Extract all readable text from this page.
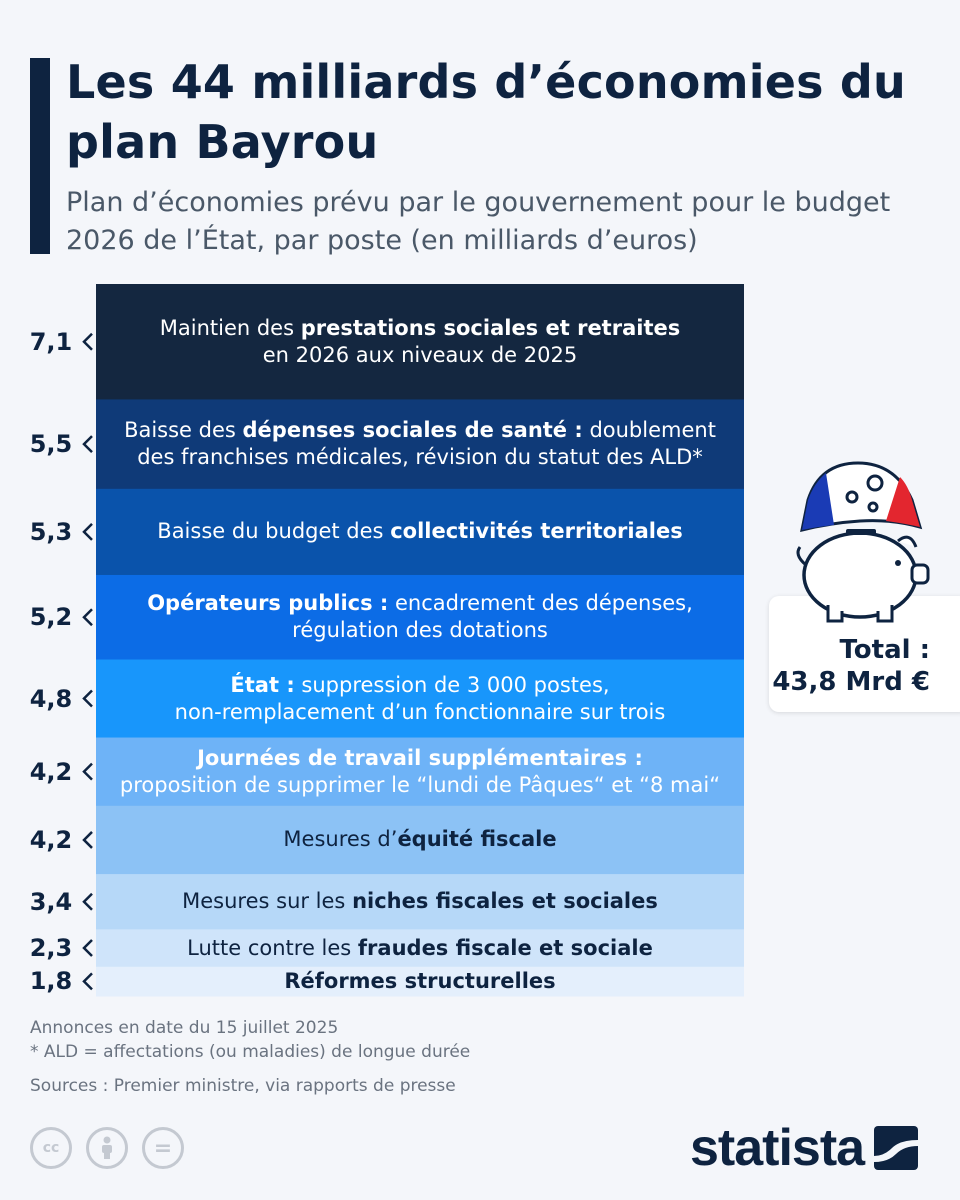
Les 44 milliards d’économies du plan Bayrou
Plan d’économies prévu par le gouvernement pour le budget 2026 de l’État, par poste (en milliards d’euros)
7,1	Maintien des prestations sociales et retraites
en 2026 aux niveaux de 2025
5,5	Baisse des dépenses sociales de santé : doublement
des franchises médicales, révision du statut des ALD*
5,3	Baisse du budget des collectivités territoriales
5,2	Opérateurs publics : encadrement des dépenses,
régulation des dotations
4,8	État : suppression de 3 000 postes,
non-remplacement d’un fonctionnaire sur trois
4,2	Journées de travail supplémentaires :
proposition de supprimer le “lundi de Pâques“ et “8 mai“
4,2	Mesures d’équité fiscale
3,4	Mesures sur les niches fiscales et sociales
2,3	Lutte contre les fraudes fiscale et sociale
1,8	Réformes structurelles
Total :
43,8 Mrd €
Annonces en date du 15 juillet 2025
* ALD = affectations (ou maladies) de longue durée
Sources : Premier ministre, via rapports de presse
cc	=	statista
